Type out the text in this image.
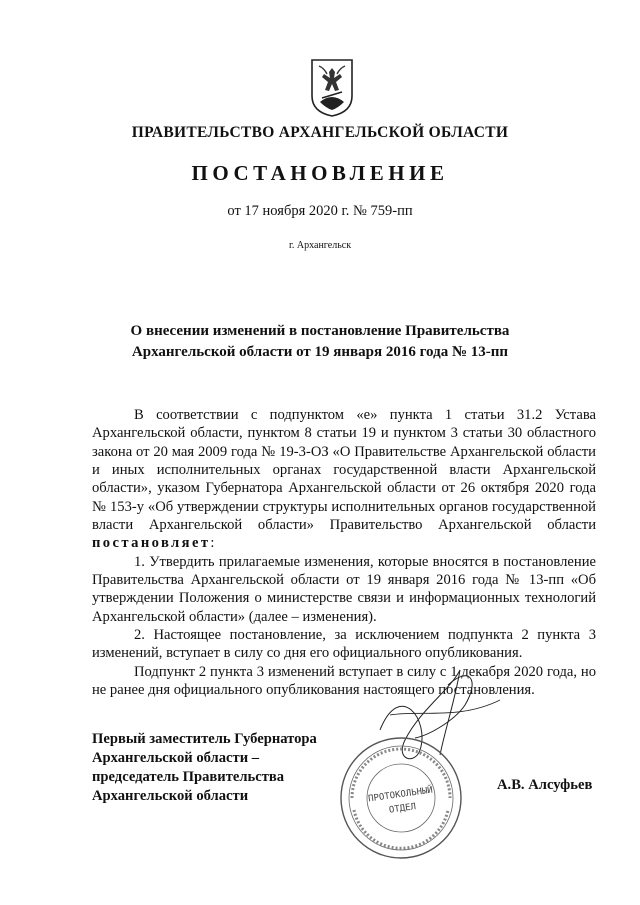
ПРАВИТЕЛЬСТВО АРХАНГЕЛЬСКОЙ ОБЛАСТИ
ПОСТАНОВЛЕНИЕ
от 17 ноября 2020 г. № 759-пп
г. Архангельск
О внесении изменений в постановление Правительства
Архангельской области от 19 января 2016 года № 13-пп

В соответствии с подпунктом «е» пункта 1 статьи 31.2 Устава Архангельской области, пунктом 8 статьи 19 и пунктом 3 статьи 30 областного закона от 20 мая 2009 года № 19-3-ОЗ «О Правительстве Архангельской области и иных исполнительных органах государственной власти Архангельской области», указом Губернатора Архангельской области от 26 октября 2020 года № 153-у «Об утверждении структуры исполнительных органов государственной власти Архангельской области» Правительство Архангельской области постановляет:

1. Утвердить прилагаемые изменения, которые вносятся в постановление Правительства Архангельской области от 19 января 2016 года № 13-пп «Об утверждении Положения о министерстве связи и информационных технологий Архангельской области» (далее – изменения).

2. Настоящее постановление, за исключением подпункта 2 пункта 3 изменений, вступает в силу со дня его официального опубликования.

Подпункт 2 пункта 3 изменений вступает в силу с 1 декабря 2020 года, но не ранее дня официального опубликования настоящего постановления.

ПРОТОКОЛЬНЫЙ
ОТДЕЛ
Первый заместитель Губернатора
Архангельской области –
председатель Правительства
Архангельской области
А.В. Алсуфьев
